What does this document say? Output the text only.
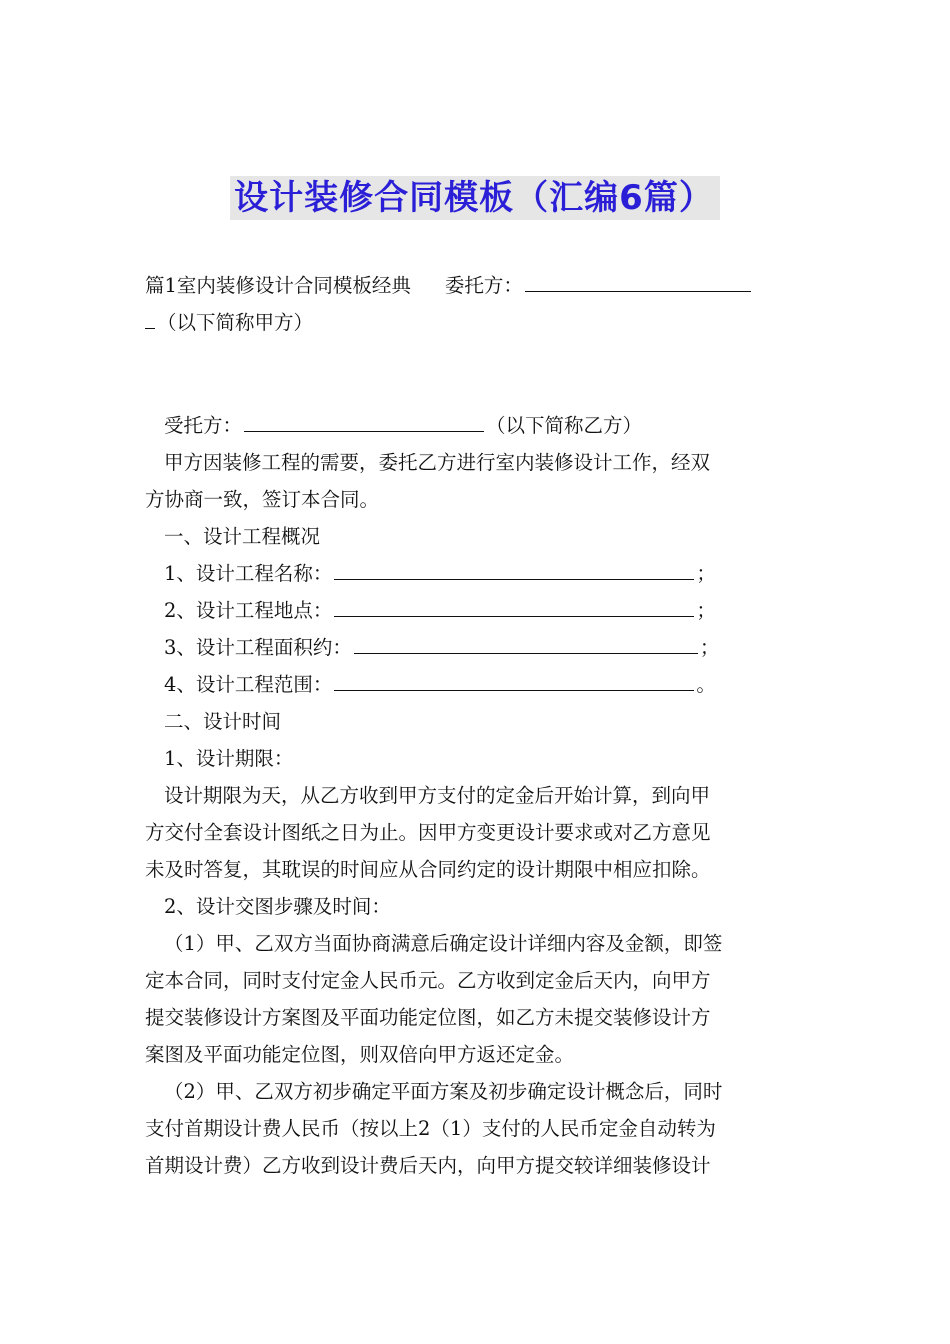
设计装修合同模板（汇编6篇）
篇1室内装修设计合同模板经典 委托方：
（以下简称甲方）
受托方：	（以下简称乙方）
甲方因装修工程的需要，委托乙方进行室内装修设计工作，经双
方协商一致，签订本合同。
一、设计工程概况
1、设计工程名称：	；
2、设计工程地点：	；
3、设计工程面积约：	；
4、设计工程范围：	。
二、设计时间
1、设计期限：
设计期限为天，从乙方收到甲方支付的定金后开始计算，到向甲
方交付全套设计图纸之日为止。因甲方变更设计要求或对乙方意见
未及时答复，其耽误的时间应从合同约定的设计期限中相应扣除。
2、设计交图步骤及时间：
（1）甲、乙双方当面协商满意后确定设计详细内容及金额，即签
定本合同，同时支付定金人民币元。乙方收到定金后天内，向甲方
提交装修设计方案图及平面功能定位图，如乙方未提交装修设计方
案图及平面功能定位图，则双倍向甲方返还定金。
（2）甲、乙双方初步确定平面方案及初步确定设计概念后，同时
支付首期设计费人民币（按以上2（1）支付的人民币定金自动转为
首期设计费）乙方收到设计费后天内，向甲方提交较详细装修设计
